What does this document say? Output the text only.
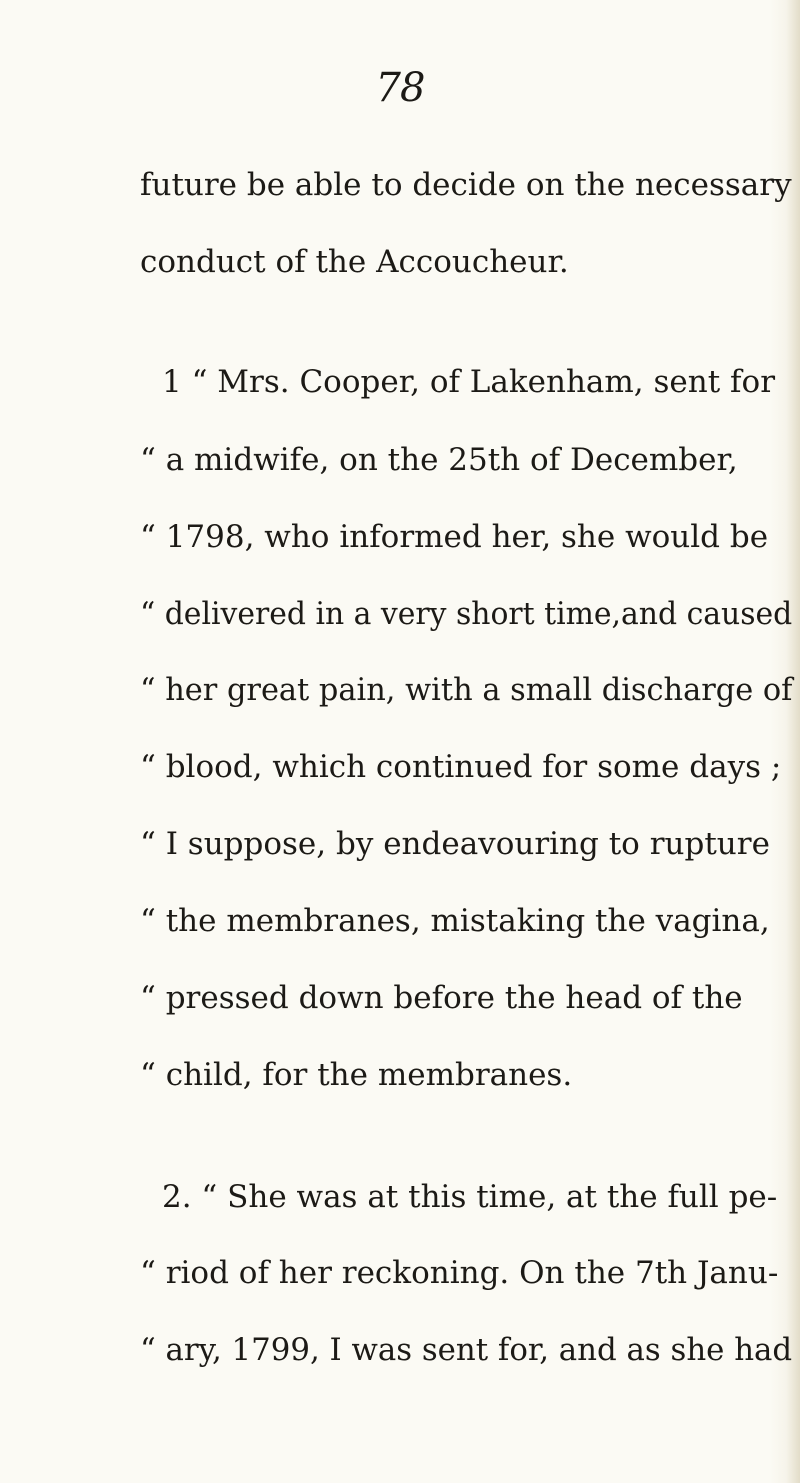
78
future be able to decide on the necessary
conduct of the Accoucheur.
1 “ Mrs. Cooper, of Lakenham, sent for
“ a midwife, on the 25th of December,
“ 1798, who informed her, she would be
“ delivered in a very short time,and caused
“ her great pain, with a small discharge of
“ blood, which continued for some days ;
“ I suppose, by endeavouring to rupture
“ the membranes, mistaking the vagina,
“ pressed down before the head of the
“ child, for the membranes.
2. “ She was at this time, at the full pe-
“ riod of her reckoning. On the 7th Janu-
“ ary, 1799, I was sent for, and as she had
